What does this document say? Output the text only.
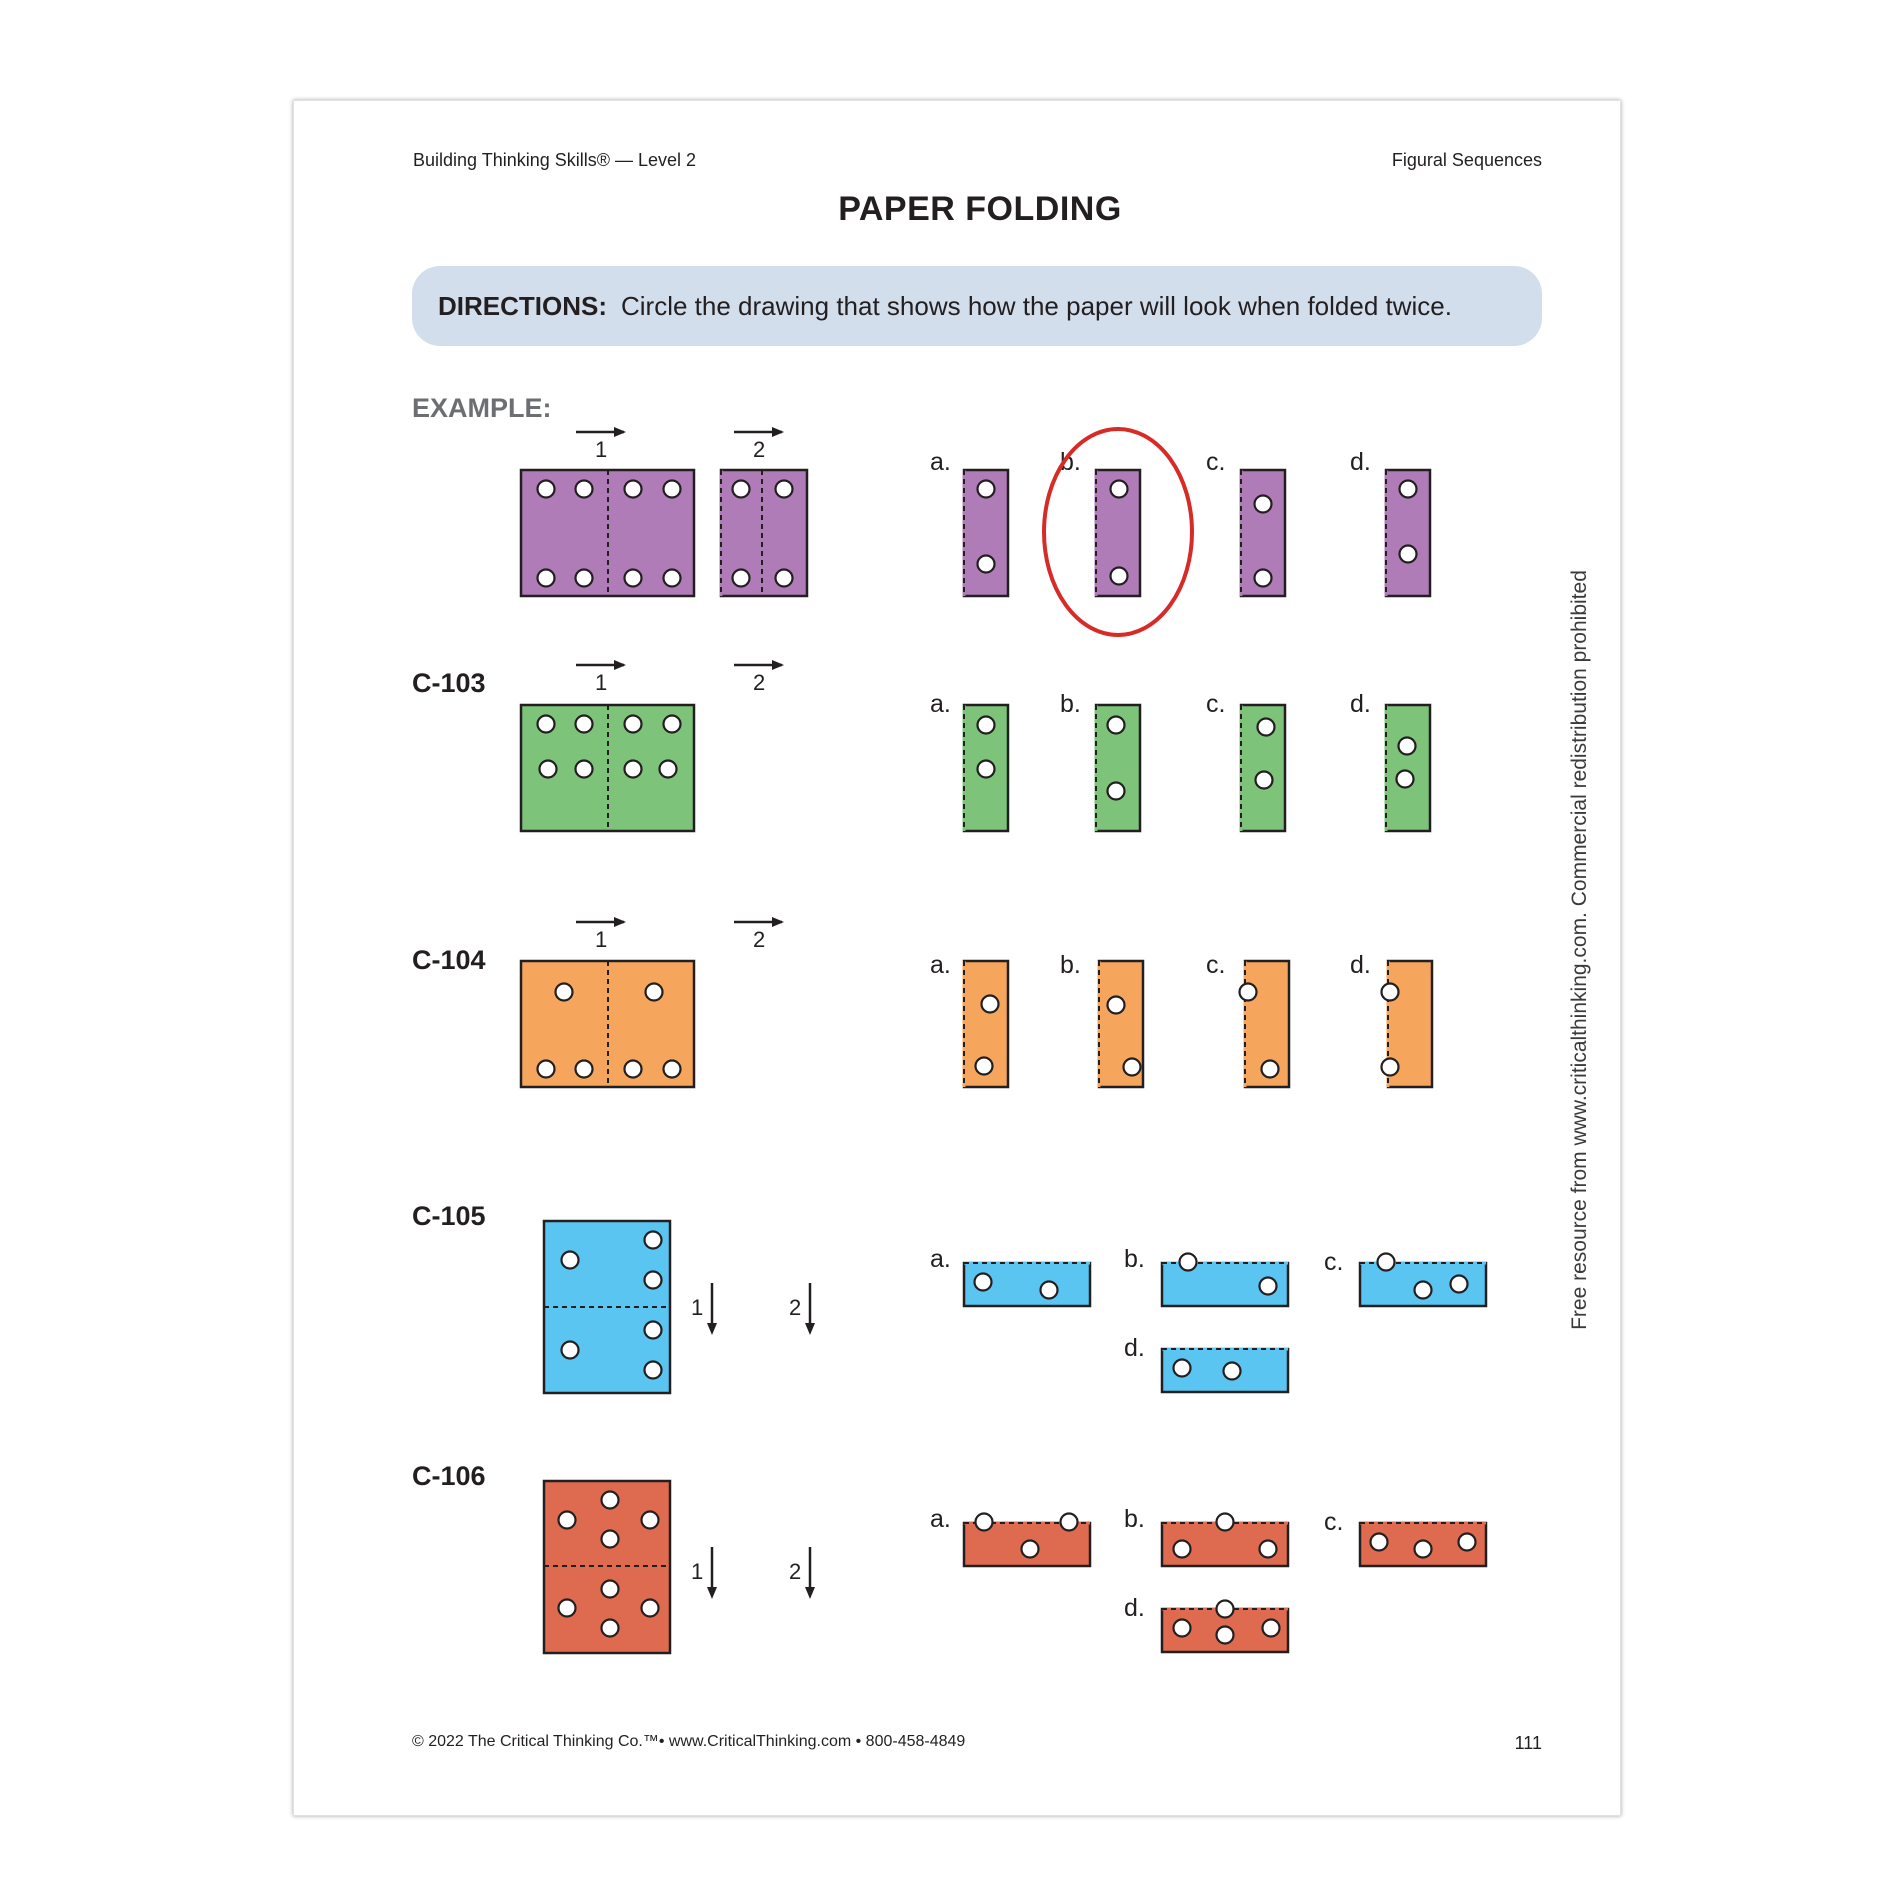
Building Thinking Skills® — Level 2	Figural Sequences
PAPER FOLDING
DIRECTIONS: Circle the drawing that shows how the paper will look when folded twice.
EXAMPLE:
C-103
C-104
C-105
C-106
1	2	a.	b.	c.	d.
1	2
a.	b.	c.	d.
1	2
a.	b.	c.	d.
1	2
a.	b.	c.
d.
1	2
a.	b.	c.
d.
© 2022 The Critical Thinking Co.™• www.CriticalThinking.com • 800-458-4849	111
Free resource from www.criticalthinking.com. Commercial redistribution prohibited
